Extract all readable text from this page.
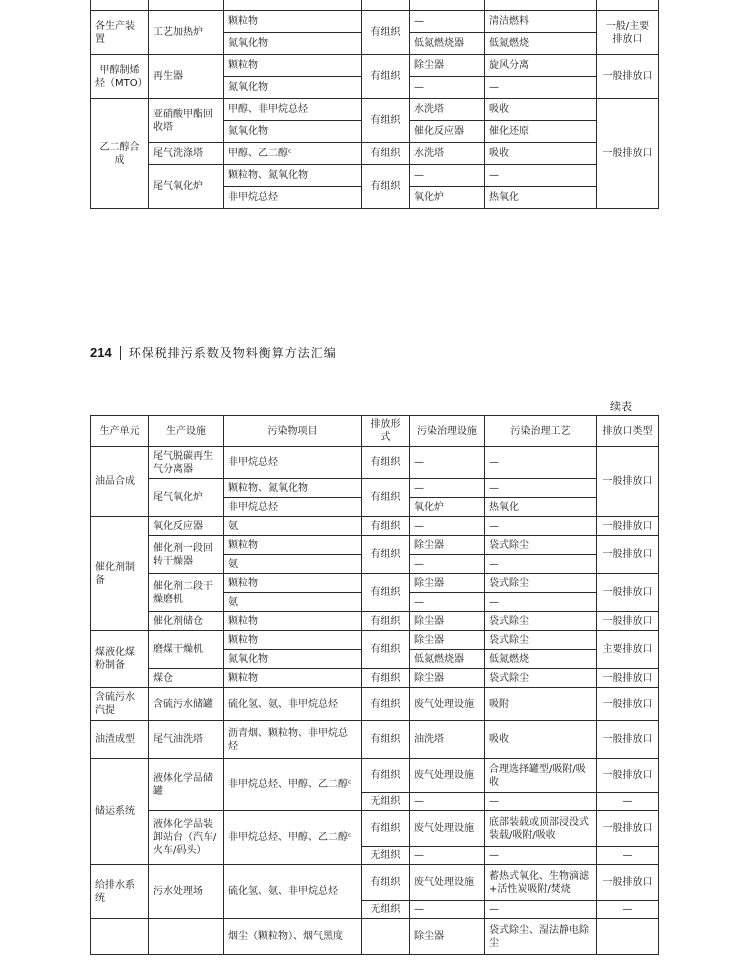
各生产装置	工艺加热炉	颗粒物	有组织	—	清洁燃料	一般/主要排放口
		氮氧化物		低氮燃烧器	低氮燃烧	
甲醇制烯烃（MTO）	再生器	颗粒物	有组织	除尘器	旋风分离	一般排放口
		氮氧化物		—	—	
乙二醇合成	亚硝酸甲酯回收塔	甲醇、非甲烷总烃	有组织	水洗塔	吸收	一般排放口
		氮氧化物		催化反应器	催化还原	
	尾气洗涤塔	甲醇、乙二醇ᶜ	有组织	水洗塔	吸收	
	尾气氧化炉	颗粒物、氮氧化物	有组织	—	—	
		非甲烷总烃		氧化炉	热氧化	
214 环保税排污系数及物料衡算方法汇编
续表
生产单元	生产设施	污染物项目	排放形式	污染治理设施	污染治理工艺	排放口类型
油品合成	尾气脱碳再生气分离器	非甲烷总烃	有组织	—	—	一般排放口
	尾气氧化炉	颗粒物、氮氧化物	有组织	—	—	
		非甲烷总烃		氧化炉	热氧化	
催化剂制备	氧化反应器	氨	有组织	—	—	一般排放口
	催化剂一段回转干燥器	颗粒物	有组织	除尘器	袋式除尘	一般排放口
		氨		—	—	
	催化剂二段干燥磨机	颗粒物	有组织	除尘器	袋式除尘	一般排放口
		氨		—	—	
	催化剂储仓	颗粒物	有组织	除尘器	袋式除尘	一般排放口
煤液化煤粉制备	磨煤干燥机	颗粒物	有组织	除尘器	袋式除尘	主要排放口
		氮氧化物		低氮燃烧器	低氮燃烧	
	煤仓	颗粒物	有组织	除尘器	袋式除尘	一般排放口
含硫污水汽提	含硫污水储罐	硫化氢、氨、非甲烷总烃	有组织	废气处理设施	吸附	一般排放口
油渣成型	尾气油洗塔	沥青烟、颗粒物、非甲烷总烃	有组织	油洗塔	吸收	一般排放口
储运系统	液体化学品储罐	非甲烷总烃、甲醇、乙二醇ᶜ	有组织	废气处理设施	合理选择罐型/吸附/吸收	一般排放口
			无组织	—	—	—
	液体化学品装卸站台（汽车/火车/码头）	非甲烷总烃、甲醇、乙二醇ᶜ	有组织	废气处理设施	底部装载或顶部浸没式装载/吸附/吸收	一般排放口
			无组织	—	—	—
给排水系统	污水处理场	硫化氢、氨、非甲烷总烃	有组织	废气处理设施	蓄热式氧化、生物滴滤+活性炭吸附/焚烧	一般排放口
			无组织	—	—	—
		烟尘（颗粒物）、烟气黑度		除尘器	袋式除尘、湿法静电除尘	
